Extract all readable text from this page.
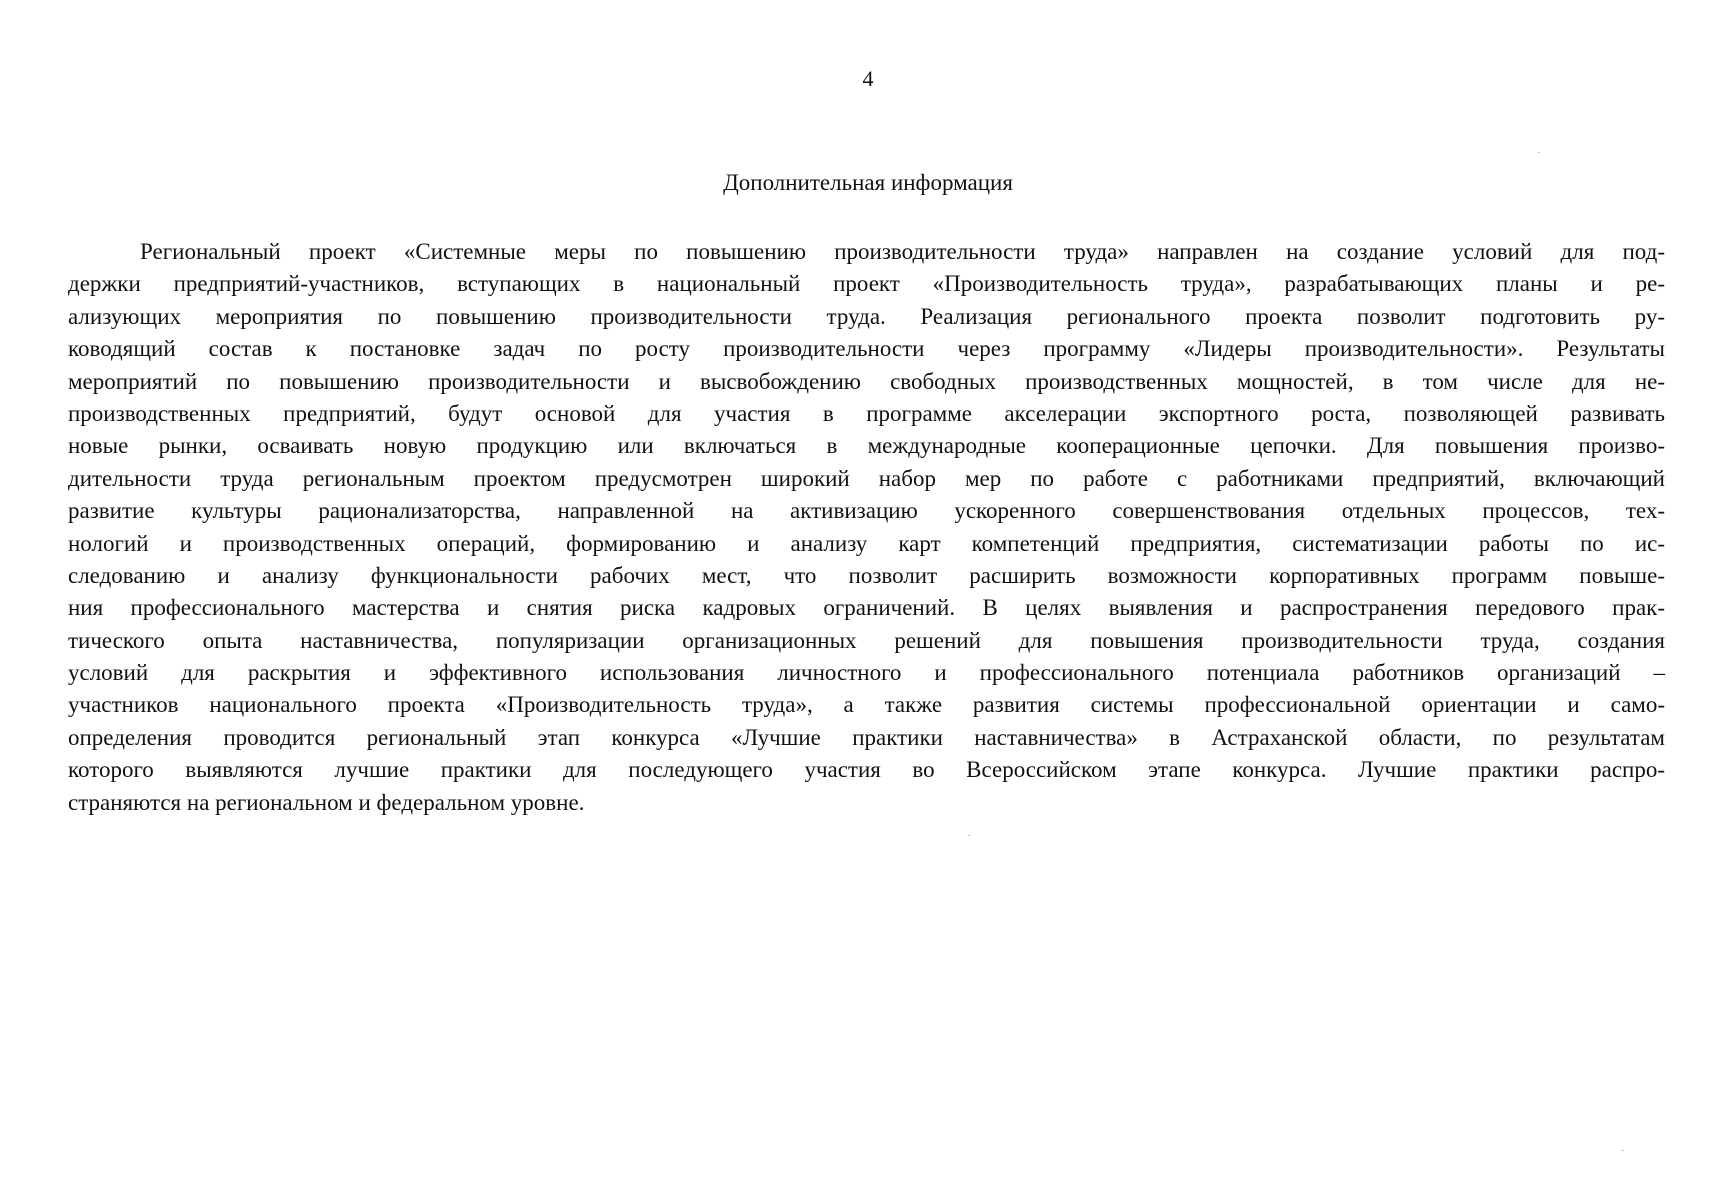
4
Дополнительная информация
Региональный проект «Системные меры по повышению производительности труда» направлен на создание условий для под-
держки предприятий-участников, вступающих в национальный проект «Производительность труда», разрабатывающих планы и ре-
ализующих мероприятия по повышению производительности труда. Реализация регионального проекта позволит подготовить ру-
ководящий состав к постановке задач по росту производительности через программу «Лидеры производительности». Результаты
мероприятий по повышению производительности и высвобождению свободных производственных мощностей, в том числе для не-
производственных предприятий, будут основой для участия в программе акселерации экспортного роста, позволяющей развивать
новые рынки, осваивать новую продукцию или включаться в международные кооперационные цепочки. Для повышения произво-
дительности труда региональным проектом предусмотрен широкий набор мер по работе с работниками предприятий, включающий
развитие культуры рационализаторства, направленной на активизацию ускоренного совершенствования отдельных процессов, тех-
нологий и производственных операций, формированию и анализу карт компетенций предприятия, систематизации работы по ис-
следованию и анализу функциональности рабочих мест, что позволит расширить возможности корпоративных программ повыше-
ния профессионального мастерства и снятия риска кадровых ограничений. В целях выявления и распространения передового прак-
тического опыта наставничества, популяризации организационных решений для повышения производительности труда, создания
условий для раскрытия и эффективного использования личностного и профессионального потенциала работников организаций –
участников национального проекта «Производительность труда», а также развития системы профессиональной ориентации и само-
определения проводится региональный этап конкурса «Лучшие практики наставничества» в Астраханской области, по результатам
которого выявляются лучшие практики для последующего участия во Всероссийском этапе конкурса. Лучшие практики распро-
страняются на региональном и федеральном уровне.
